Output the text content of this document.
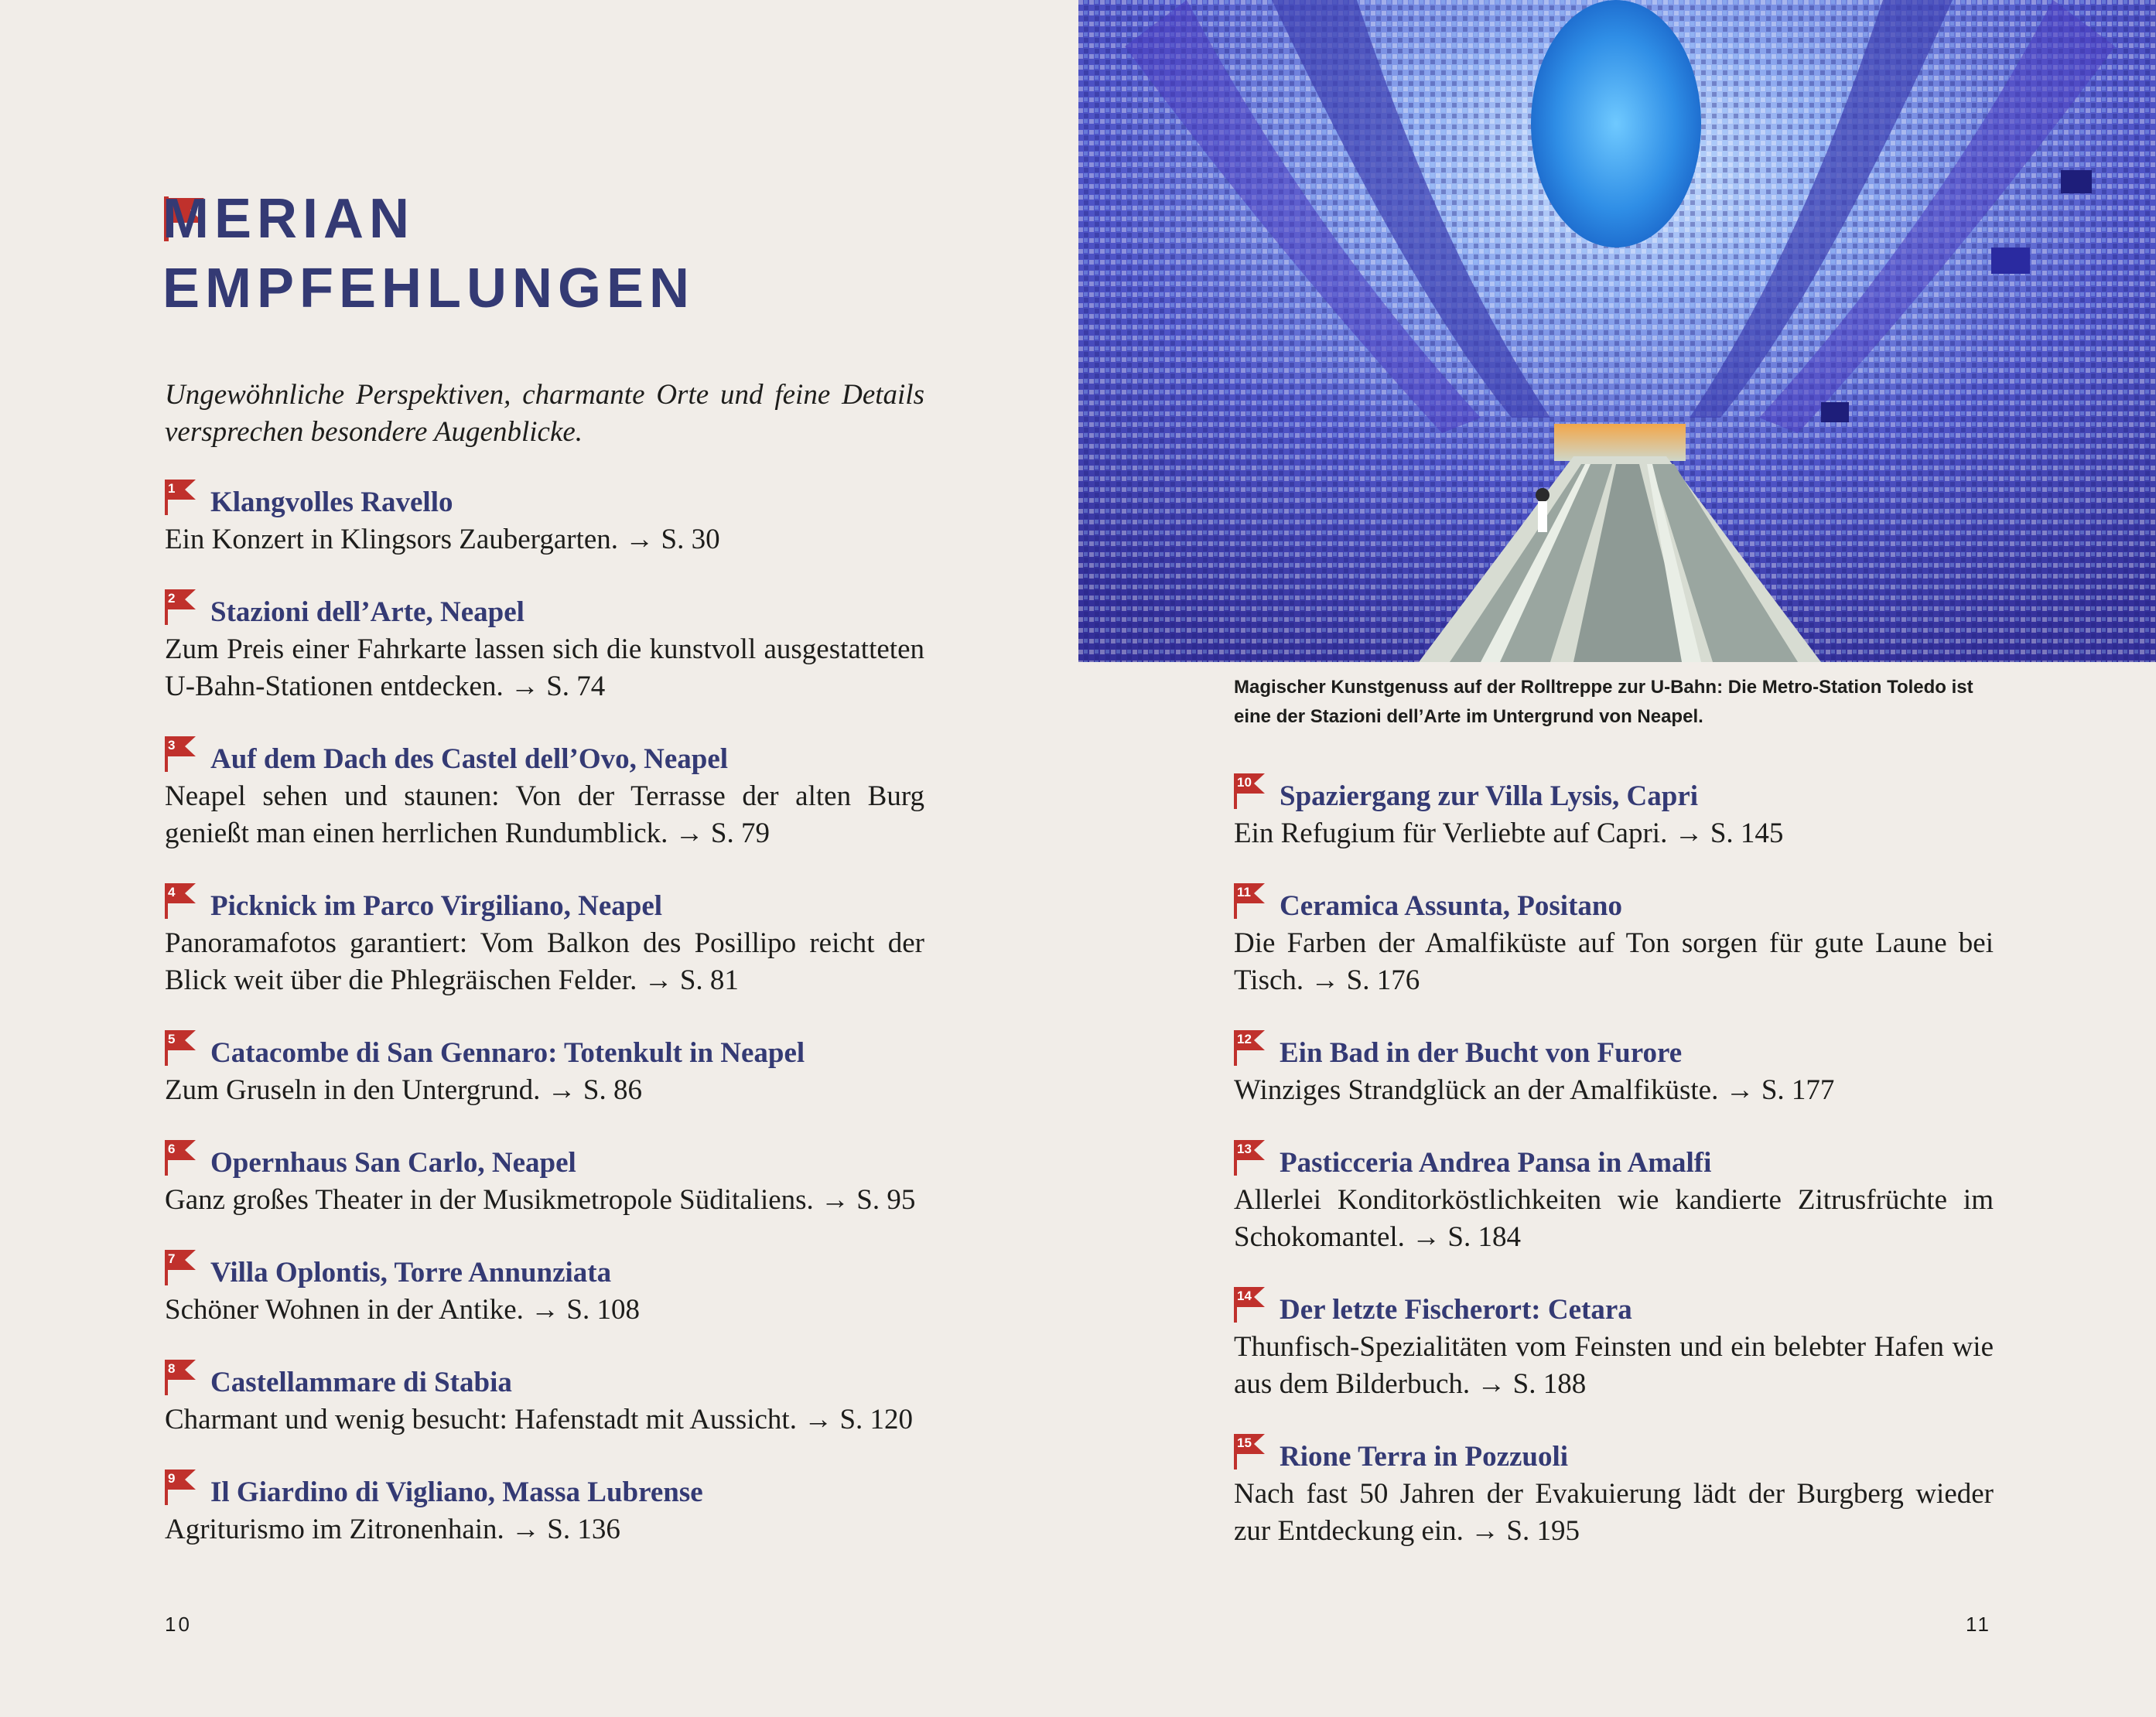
MERIAN
EMPFEHLUNGEN

Ungewöhnliche Perspektiven, charmante Orte und feine Details versprechen besondere Augenblicke.

1 Klangvolles Ravello

Ein Konzert in Klingsors Zaubergarten. → S. 30

2 Stazioni dell’Arte, Neapel

Zum Preis einer Fahrkarte lassen sich die kunstvoll ausgestatteten U-Bahn-Stationen entdecken. → S. 74

3 Auf dem Dach des Castel dell’Ovo, Neapel

Neapel sehen und staunen: Von der Terrasse der alten Burg genießt man einen herrlichen Rundumblick. → S. 79

4 Picknick im Parco Virgiliano, Neapel

Panoramafotos garantiert: Vom Balkon des Posillipo reicht der Blick weit über die Phlegräischen Felder. → S. 81

5 Catacombe di San Gennaro: Totenkult in Neapel

Zum Gruseln in den Untergrund. → S. 86

6 Opernhaus San Carlo, Neapel

Ganz großes Theater in der Musikmetropole Süditaliens. → S. 95

7 Villa Oplontis, Torre Annunziata

Schöner Wohnen in der Antike. → S. 108

8 Castellammare di Stabia

Charmant und wenig besucht: Hafenstadt mit Aussicht. → S. 120

9 Il Giardino di Vigliano, Massa Lubrense

Agriturismo im Zitronenhain. → S. 136

10

Magischer Kunstgenuss auf der Rolltreppe zur U-Bahn: Die Metro-Station Toledo ist eine der Stazioni dell’Arte im Untergrund von Neapel.

10 Spaziergang zur Villa Lysis, Capri

Ein Refugium für Verliebte auf Capri. → S. 145

11 Ceramica Assunta, Positano

Die Farben der Amalfiküste auf Ton sorgen für gute Laune bei Tisch. → S. 176

12 Ein Bad in der Bucht von Furore

Winziges Strandglück an der Amalfiküste. → S. 177

13 Pasticceria Andrea Pansa in Amalfi

Allerlei Konditorköstlichkeiten wie kandierte Zitrusfrüchte im Schokomantel. → S. 184

14 Der letzte Fischerort: Cetara

Thunfisch-Spezialitäten vom Feinsten und ein belebter Hafen wie aus dem Bilderbuch. → S. 188

15 Rione Terra in Pozzuoli

Nach fast 50 Jahren der Evakuierung lädt der Burgberg wieder zur Entdeckung ein. → S. 195

11
